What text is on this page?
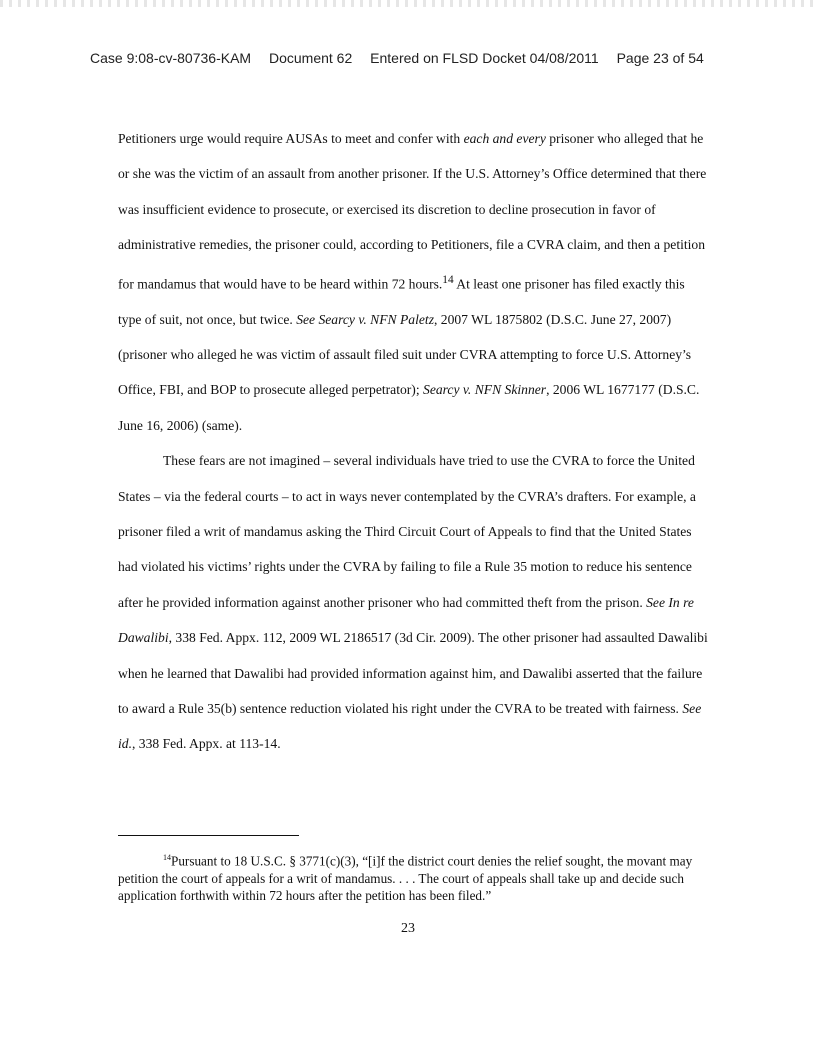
Case 9:08-cv-80736-KAM Document 62 Entered on FLSD Docket 04/08/2011 Page 23 of 54

Petitioners urge would require AUSAs to meet and confer with each and every prisoner who alleged that he or she was the victim of an assault from another prisoner. If the U.S. Attorney’s Office determined that there was insufficient evidence to prosecute, or exercised its discretion to decline prosecution in favor of administrative remedies, the prisoner could, according to Petitioners, file a CVRA claim, and then a petition for mandamus that would have to be heard within 72 hours.$^{14}$ At least one prisoner has filed exactly this type of suit, not once, but twice. See Searcy v. NFN Paletz, 2007 WL 1875802 (D.S.C. June 27, 2007) (prisoner who alleged he was victim of assault filed suit under CVRA attempting to force U.S. Attorney’s Office, FBI, and BOP to prosecute alleged perpetrator); Searcy v. NFN Skinner, 2006 WL 1677177 (D.S.C. June 16, 2006) (same).

These fears are not imagined – several individuals have tried to use the CVRA to force the United States – via the federal courts – to act in ways never contemplated by the CVRA’s drafters. For example, a prisoner filed a writ of mandamus asking the Third Circuit Court of Appeals to find that the United States had violated his victims’ rights under the CVRA by failing to file a Rule 35 motion to reduce his sentence after he provided information against another prisoner who had committed theft from the prison. See In re Dawalibi, 338 Fed. Appx. 112, 2009 WL 2186517 (3d Cir. 2009). The other prisoner had assaulted Dawalibi when he learned that Dawalibi had provided information against him, and Dawalibi asserted that the failure to award a Rule 35(b) sentence reduction violated his right under the CVRA to be treated with fairness. See id., 338 Fed. Appx. at 113-14.

$^{14}$Pursuant to 18 U.S.C. § 3771(c)(3), “[i]f the district court denies the relief sought, the movant may petition the court of appeals for a writ of mandamus. . . . The court of appeals shall take up and decide such application forthwith within 72 hours after the petition has been filed.”
23
